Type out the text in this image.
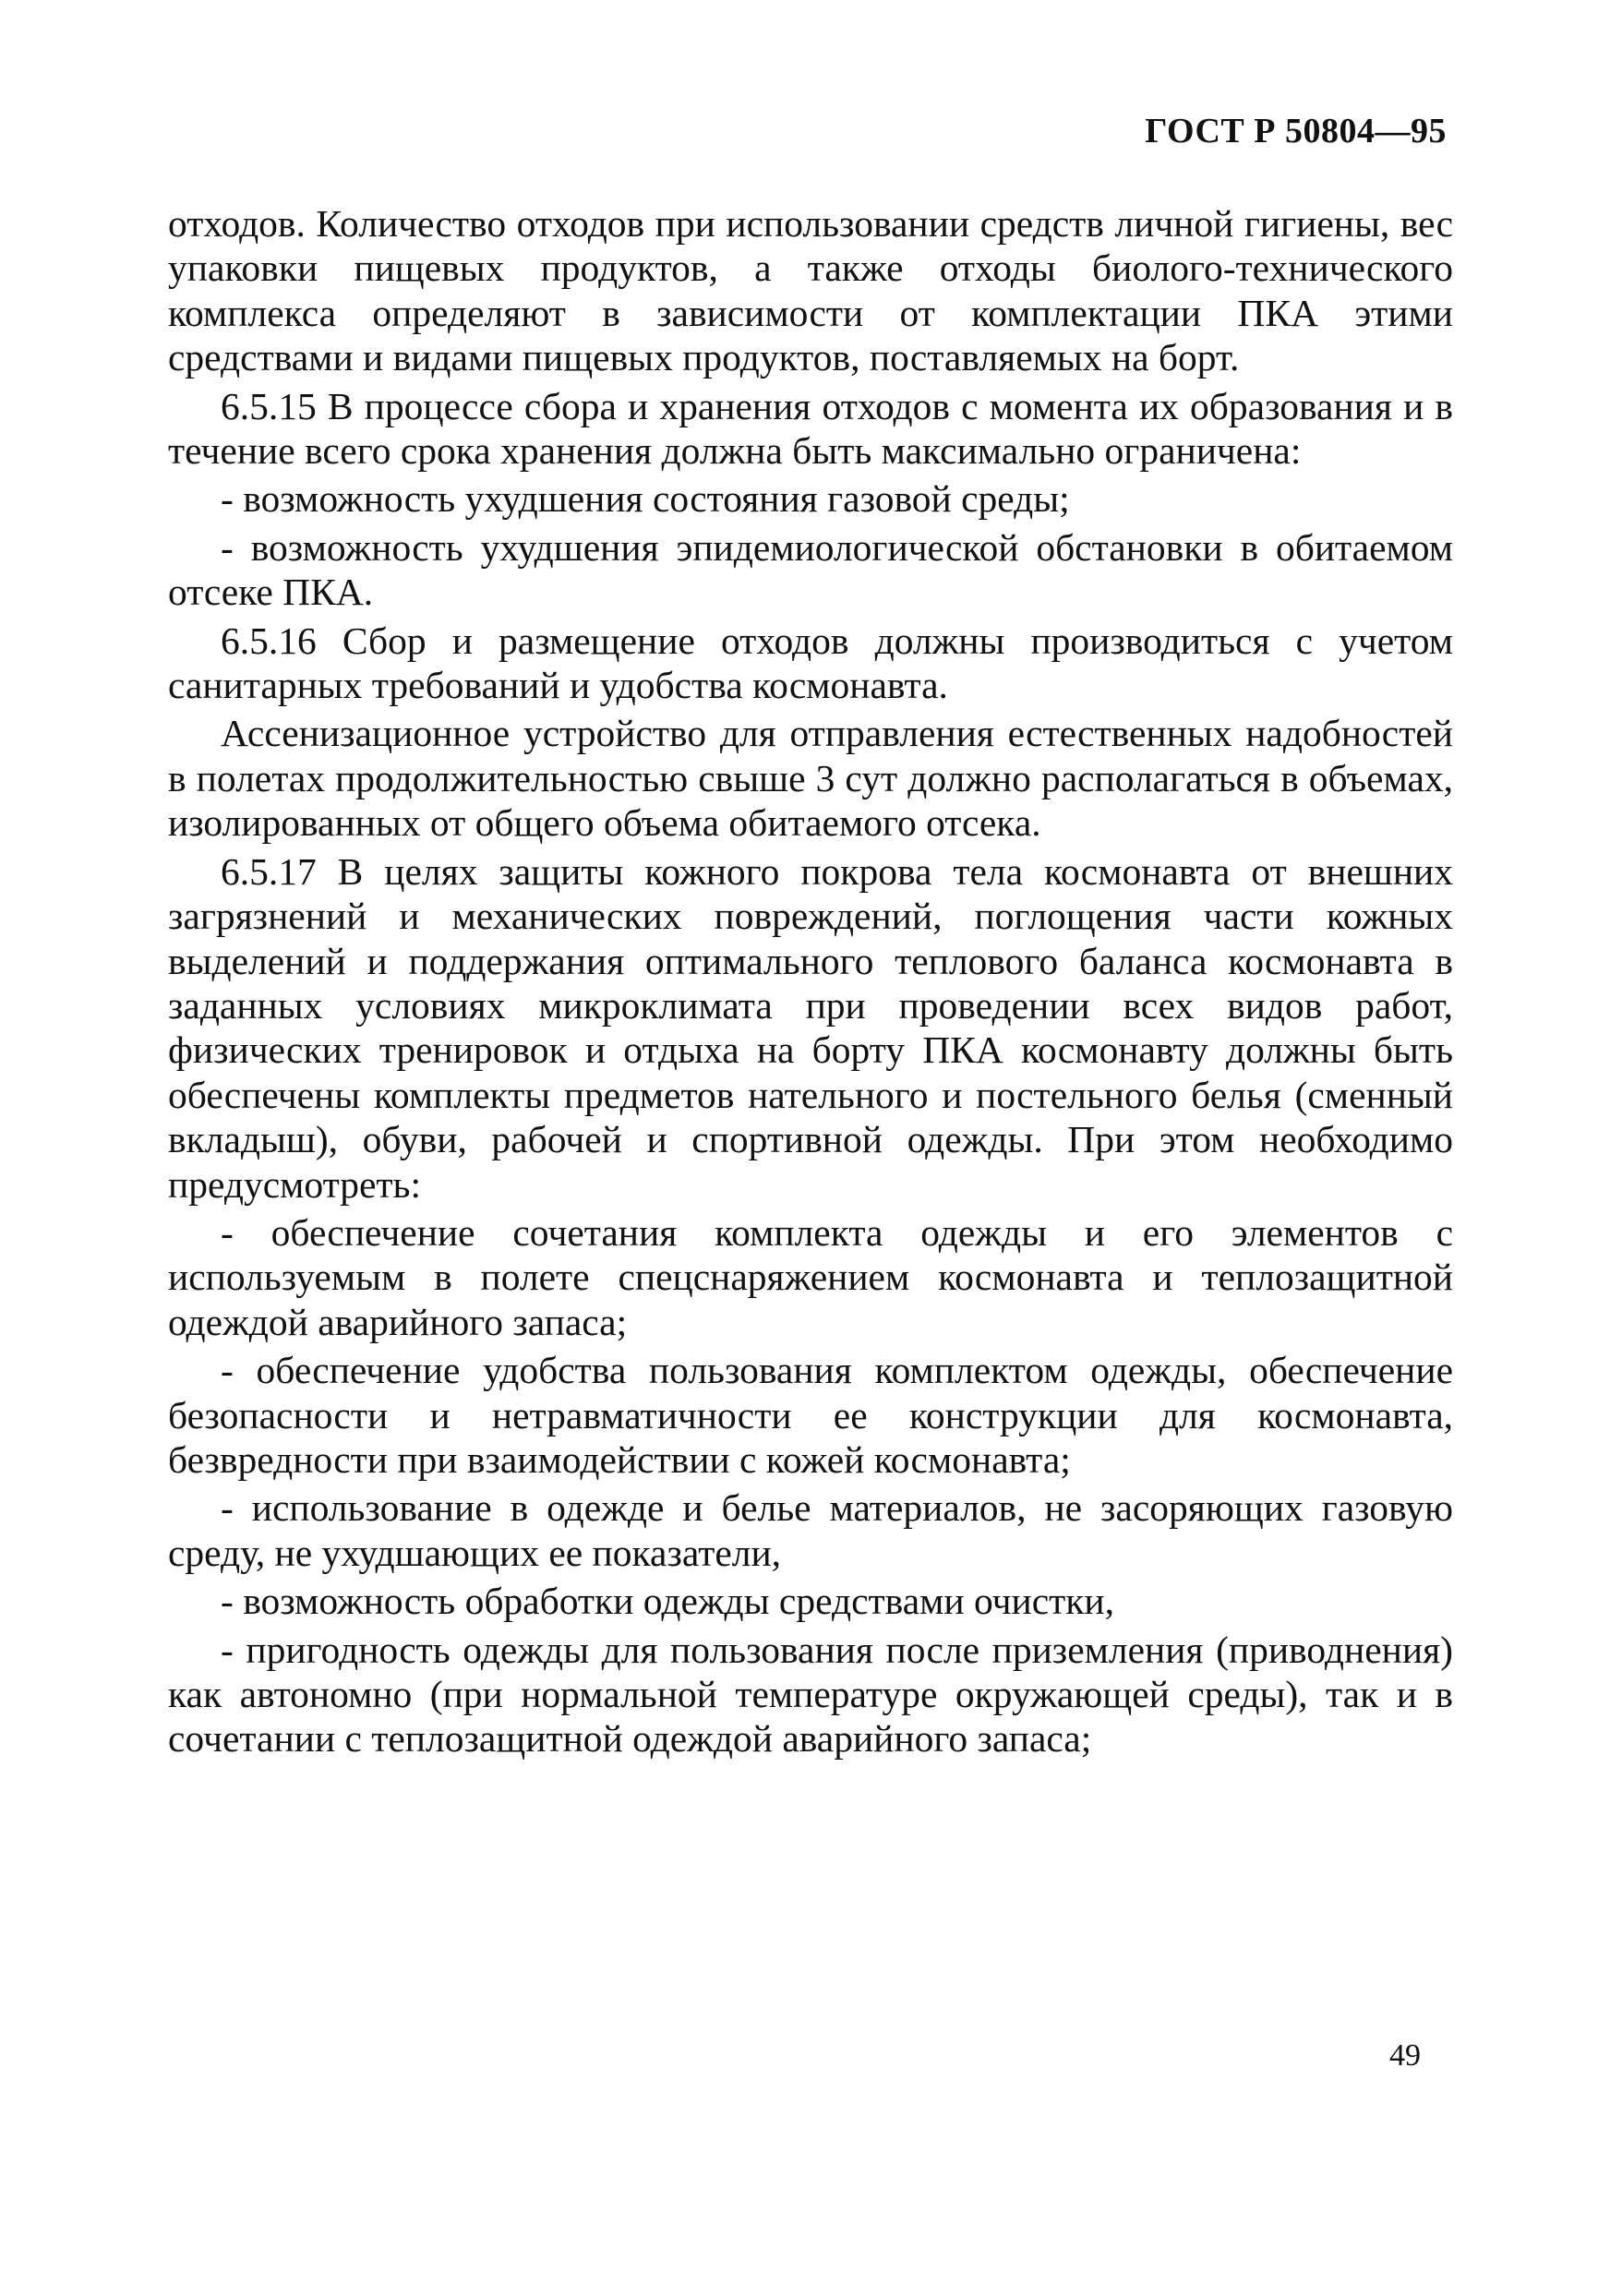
ГОСТ Р 50804—95

отходов. Количество отходов при использовании средств личной гигиены, вес упаковки пищевых продуктов, а также отходы биолого-технического комплекса определяют в зависимости от комплектации ПКА этими средствами и видами пищевых продуктов, поставляемых на борт.

6.5.15 В процессе сбора и хранения отходов с момента их образования и в течение всего срока хранения должна быть максимально ограничена:

- возможность ухудшения состояния газовой среды;

- возможность ухудшения эпидемиологической обстановки в обитаемом отсеке ПКА.

6.5.16 Сбор и размещение отходов должны производиться с учетом санитарных требований и удобства космонавта.

Ассенизационное устройство для отправления естественных надобностей в полетах продолжительностью свыше 3 сут должно располагаться в объемах, изолированных от общего объема обитаемого отсека.

6.5.17 В целях защиты кожного покрова тела космонавта от внешних загрязнений и механических повреждений, поглощения части кожных выделений и поддержания оптимального теплового баланса космонавта в заданных условиях микроклимата при проведении всех видов работ, физических тренировок и отдыха на борту ПКА космонавту должны быть обеспечены комплекты предметов нательного и постельного белья (сменный вкладыш), обуви, рабочей и спортивной одежды. При этом необходимо предусмотреть:

- обеспечение сочетания комплекта одежды и его элементов с используемым в полете спецснаряжением космонавта и теплозащитной одеждой аварийного запаса;

- обеспечение удобства пользования комплектом одежды, обеспечение безопасности и нетравматичности ее конструкции для космонавта, безвредности при взаимодействии с кожей космонавта;

- использование в одежде и белье материалов, не засоряющих газовую среду, не ухудшающих ее показатели,

- возможность обработки одежды средствами очистки,

- пригодность одежды для пользования после приземления (приводнения) как автономно (при нормальной температуре окружающей среды), так и в сочетании с теплозащитной одеждой аварийного запаса;

49
